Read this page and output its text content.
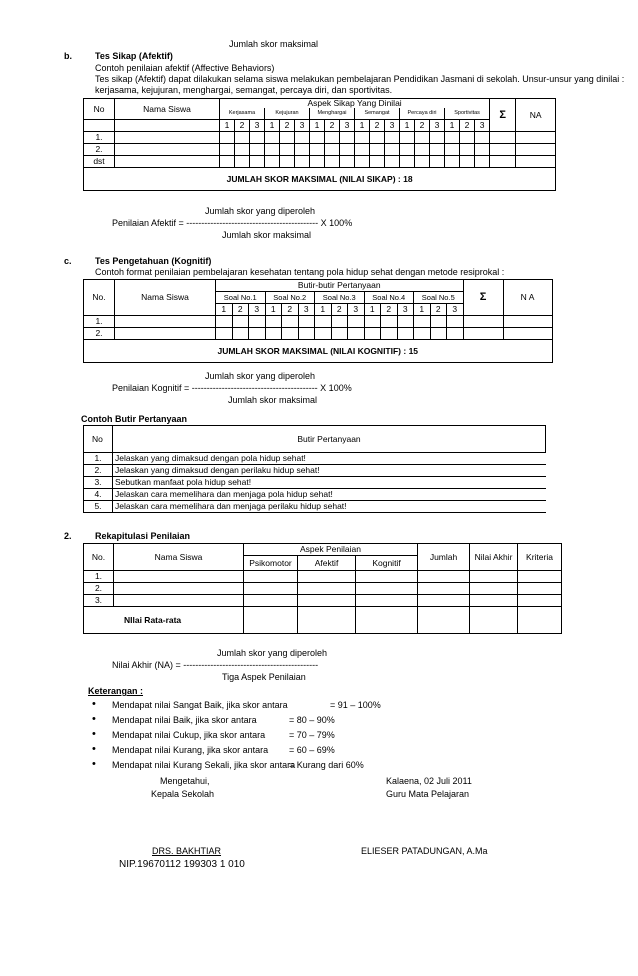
Jumlah skor maksimal
b.	Tes Sikap (Afektif)
Contoh penilaian afektif (Affective Behaviors)
Tes sikap (Afektif) dapat dilakukan selama siswa melakukan pembelajaran Pendidikan Jasmani di sekolah. Unsur-unsur yang dinilai :
kerjasama, kejujuran, menghargai, semangat, percaya diri, dan sportivitas.
No	Nama Siswa	Aspek Sikap Yang Dinilai																		Σ	NA
		Kerjasama			Kejujuran			Menghargai			Semangat			Percaya diri			Sportivitas				
		1	2	3	1	2	3	1	2	3	1	2	3	1	2	3	1	2	3		
1.																					
2.																					
dst																					
JUMLAH SKOR MAKSIMAL (NILAI SIKAP) : 18																					
Jumlah skor yang diperoleh
Penilaian Afektif = -------------------------------------------- X 100%
Jumlah skor maksimal
c.	Tes Pengetahuan (Kognitif)
Contoh format penilaian pembelajaran kesehatan tentang pola hidup sehat dengan metode resiprokal :
No.	Nama Siswa	Butir-butir Pertanyaan															Σ	N A
		Soal No.1			Soal No.2			Soal No.3			Soal No.4			Soal No.5				
		1	2	3	1	2	3	1	2	3	1	2	3	1	2	3		
1.																		
2.																		
JUMLAH SKOR MAKSIMAL (NILAI KOGNITIF) : 15																		
Jumlah skor yang diperoleh
Penilaian Kognitif = ------------------------------------------ X 100%
Jumlah skor maksimal
Contoh Butir Pertanyaan
No	Butir Pertanyaan
1.	Jelaskan yang dimaksud dengan pola hidup sehat!
2.	Jelaskan yang dimaksud dengan perilaku hidup sehat!
3.	Sebutkan manfaat pola hidup sehat!
4.	Jelaskan cara memelihara dan menjaga pola hidup sehat!
5.	Jelaskan cara memelihara dan menjaga perilaku hidup sehat!
2.	Rekapitulasi Penilaian
No.	Nama Siswa	Aspek Penilaian			Jumlah	Nilai Akhir	Kriteria
		Psikomotor	Afektif	Kognitif			
1.							
2.							
3.							
NIlai Rata-rata							
Jumlah skor yang diperoleh
Nilai Akhir (NA) = ---------------------------------------------
Tiga Aspek Penilaian
Keterangan :
• Mendapat nilai Sangat Baik, jika skor antara	= 91 – 100%
• Mendapat nilai Baik, jika skor antara	= 80 – 90%
• Mendapat nilai Cukup, jika skor antara	= 70 – 79%
• Mendapat nilai Kurang, jika skor antara = 60 – 69%
• Mendapat nilai Kurang Sekali, jika skor antara
= Kurang dari 60%
Mengetahui,
Kepala Sekolah
Kalaena, 02 Juli 2011
Guru Mata Pelajaran
DRS. BAKHTIAR
NIP.19670112 199303 1 010
ELIESER PATADUNGAN, A.Ma
